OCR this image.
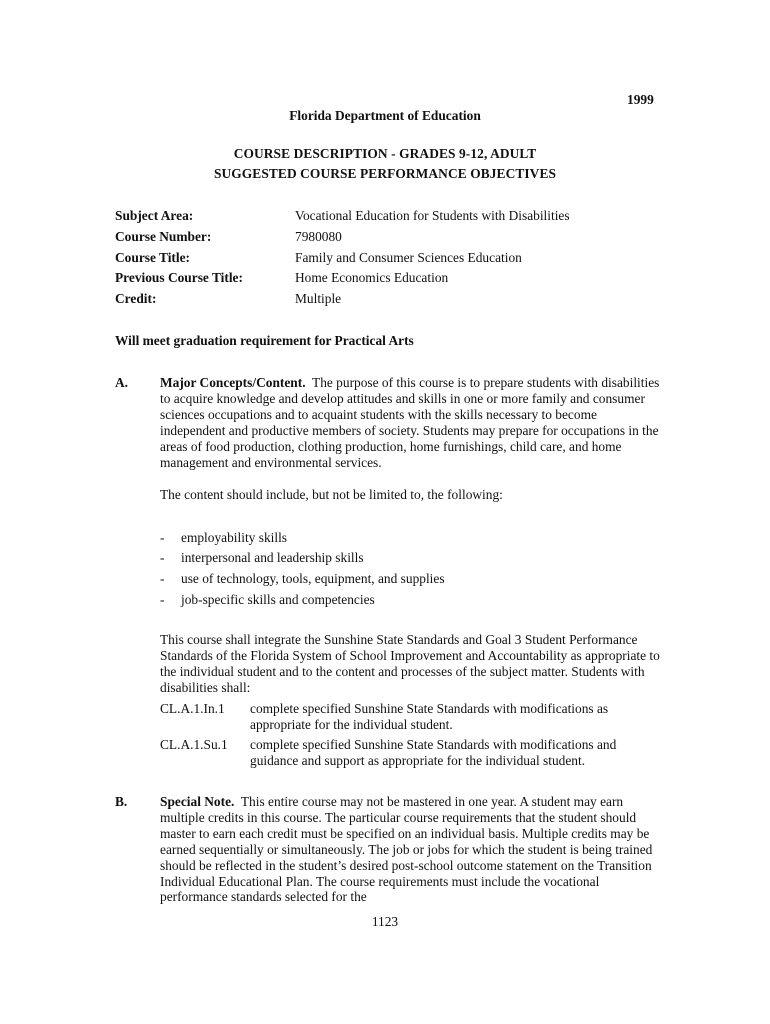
1999
Florida Department of Education
COURSE DESCRIPTION - GRADES 9-12, ADULT
SUGGESTED COURSE PERFORMANCE OBJECTIVES
Subject Area:	Vocational Education for Students with Disabilities
Course Number:	7980080
Course Title:	Family and Consumer Sciences Education
Previous Course Title:	Home Economics Education
Credit:	Multiple
Will meet graduation requirement for Practical Arts
A. Major Concepts/Content. The purpose of this course is to prepare students with disabilities to acquire knowledge and develop attitudes and skills in one or more family and consumer sciences occupations and to acquaint students with the skills necessary to become independent and productive members of society. Students may prepare for occupations in the areas of food production, clothing production, home furnishings, child care, and home management and environmental services.
The content should include, but not be limited to, the following:
- employability skills
- interpersonal and leadership skills
- use of technology, tools, equipment, and supplies
- job-specific skills and competencies
This course shall integrate the Sunshine State Standards and Goal 3 Student Performance Standards of the Florida System of School Improvement and Accountability as appropriate to the individual student and to the content and processes of the subject matter. Students with disabilities shall:
CL.A.1.In.1 complete specified Sunshine State Standards with modifications as appropriate for the individual student.
CL.A.1.Su.1 complete specified Sunshine State Standards with modifications and guidance and support as appropriate for the individual student.
B. Special Note. This entire course may not be mastered in one year. A student may earn multiple credits in this course. The particular course requirements that the student should master to earn each credit must be specified on an individual basis. Multiple credits may be earned sequentially or simultaneously. The job or jobs for which the student is being trained should be reflected in the student’s desired post-school outcome statement on the Transition Individual Educational Plan. The course requirements must include the vocational performance standards selected for the
1123
